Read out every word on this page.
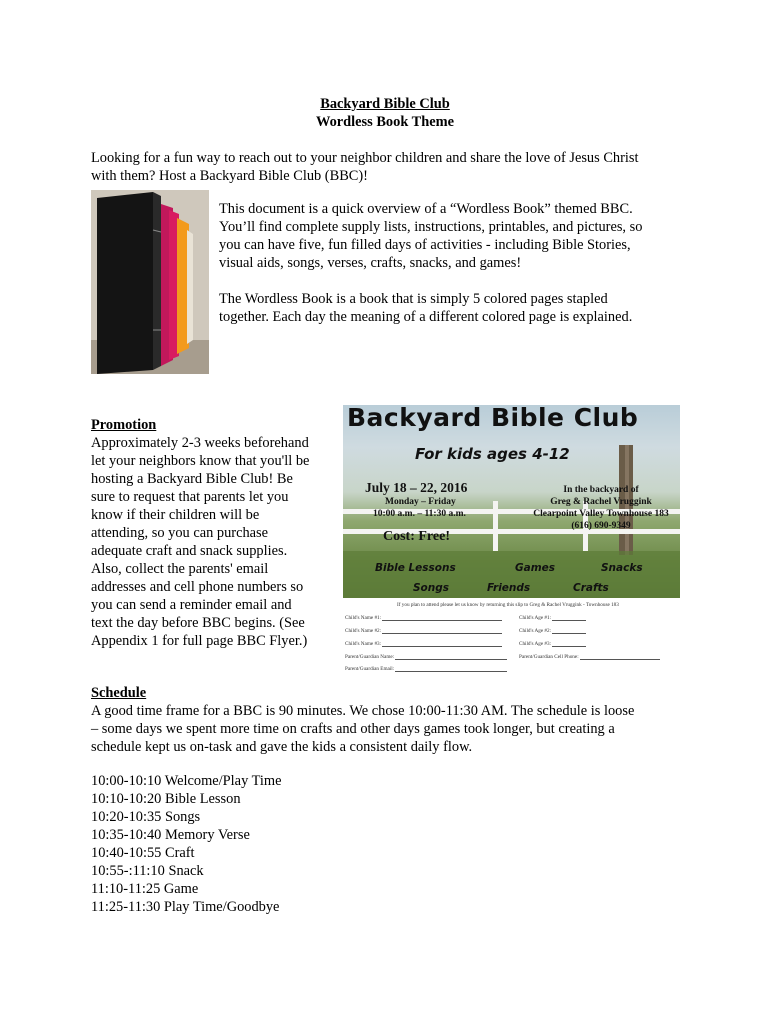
Backyard Bible Club
Wordless Book Theme
Looking for a fun way to reach out to your neighbor children and share the love of Jesus Christ
with them? Host a Backyard Bible Club (BBC)!
This document is a quick overview of a “Wordless Book” themed BBC.
You’ll find complete supply lists, instructions, printables, and pictures, so
you can have five, fun filled days of activities - including Bible Stories,
visual aids, songs, verses, crafts, snacks, and games!
The Wordless Book is a book that is simply 5 colored pages stapled
together. Each day the meaning of a different colored page is explained.
Promotion
Approximately 2-3 weeks beforehand
let your neighbors know that you'll be
hosting a Backyard Bible Club! Be
sure to request that parents let you
know if their children will be
attending, so you can purchase
adequate craft and snack supplies.
Also, collect the parents' email
addresses and cell phone numbers so
you can send a reminder email and
text the day before BBC begins. (See
Appendix 1 for full page BBC Flyer.)
Backyard Bible Club
For kids ages 4-12
July 18 – 22, 2016
Monday – Friday
10:00 a.m. – 11:30 a.m.
In the backyard of
Greg & Rachel Vruggink
Clearpoint Valley Townhouse 183
(616) 690-9349
Cost: Free!
Bible Lessons	Games	Snacks
Songs	Friends	Crafts
If you plan to attend please let us know by returning this slip to Greg & Rachel Vruggink - Townhouse 183
Child's Name #1:	Child's Age #1:
Child's Name #2:	Child's Age #2:
Child's Name #3:	Child's Age #3:
Parent/Guardian Name:	Parent/Guardian Cell Phone:
Parent/Guardian Email:
Schedule
A good time frame for a BBC is 90 minutes. We chose 10:00-11:30 AM. The schedule is loose
– some days we spent more time on crafts and other days games took longer, but creating a
schedule kept us on-task and gave the kids a consistent daily flow.
10:00-10:10 Welcome/Play Time
10:10-10:20 Bible Lesson
10:20-10:35 Songs
10:35-10:40 Memory Verse
10:40-10:55 Craft
10:55-:11:10 Snack
11:10-11:25 Game
11:25-11:30 Play Time/Goodbye
